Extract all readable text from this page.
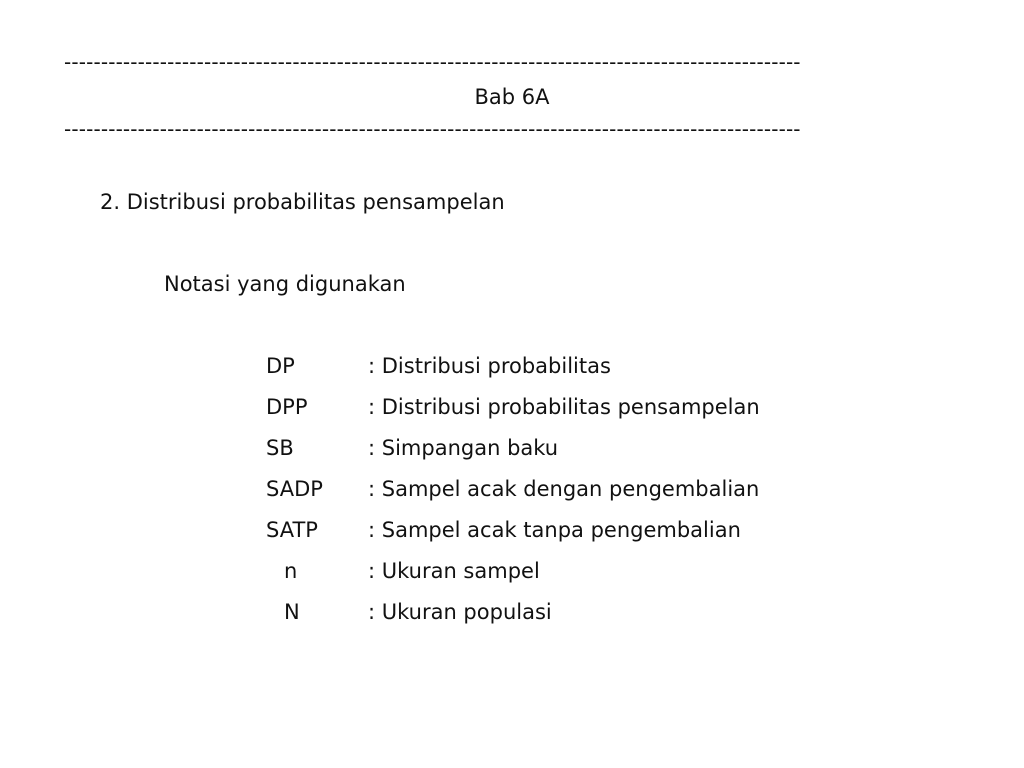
----------------------------------------------------------------------------------------------------
Bab 6A
----------------------------------------------------------------------------------------------------
2. Distribusi probabilitas pensampelan
Notasi yang digunakan
DP	: Distribusi probabilitas
DPP	: Distribusi probabilitas pensampelan
SB	: Simpangan baku
SADP	: Sampel acak dengan pengembalian
SATP	: Sampel acak tanpa pengembalian
n	: Ukuran sampel
N	: Ukuran populasi
